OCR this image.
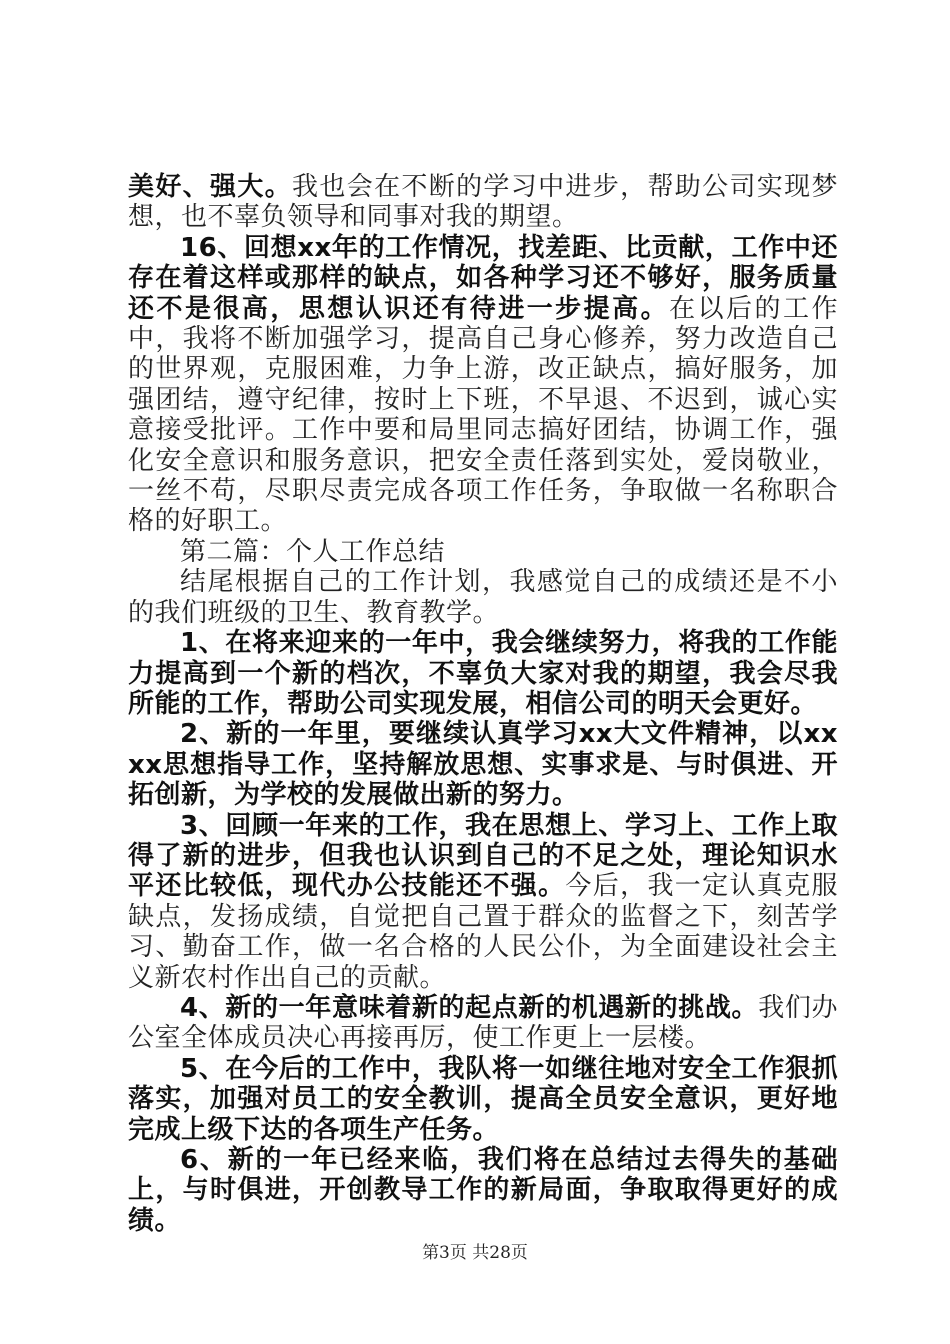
美好、强大。我也会在不断的学习中进步，帮助公司实现梦想，也不辜负领导和同事对我的期望。

16、回想xx年的工作情况，找差距、比贡献，工作中还存在着这样或那样的缺点，如各种学习还不够好，服务质量还不是很高，思想认识还有待进一步提高。在以后的工作中，我将不断加强学习，提高自己身心修养，努力改造自己的世界观，克服困难，力争上游，改正缺点，搞好服务，加强团结，遵守纪律，按时上下班，不早退、不迟到，诚心实意接受批评。工作中要和局里同志搞好团结，协调工作，强化安全意识和服务意识，把安全责任落到实处，爱岗敬业，一丝不苟，尽职尽责完成各项工作任务，争取做一名称职合格的好职工。

第二篇：个人工作总结

结尾根据自己的工作计划，我感觉自己的成绩还是不小的我们班级的卫生、教育教学。

1、在将来迎来的一年中，我会继续努力，将我的工作能力提高到一个新的档次，不辜负大家对我的期望，我会尽我所能的工作，帮助公司实现发展，相信公司的明天会更好。

2、新的一年里，要继续认真学习xx大文件精神，以xxxx思想指导工作，坚持解放思想、实事求是、与时俱进、开拓创新，为学校的发展做出新的努力。

3、回顾一年来的工作，我在思想上、学习上、工作上取得了新的进步，但我也认识到自己的不足之处，理论知识水平还比较低，现代办公技能还不强。今后，我一定认真克服缺点，发扬成绩，自觉把自己置于群众的监督之下，刻苦学习、勤奋工作，做一名合格的人民公仆，为全面建设社会主义新农村作出自己的贡献。

4、新的一年意味着新的起点新的机遇新的挑战。我们办公室全体成员决心再接再厉，使工作更上一层楼。

5、在今后的工作中，我队将一如继往地对安全工作狠抓落实，加强对员工的安全教训，提高全员安全意识，更好地完成上级下达的各项生产任务。

6、新的一年已经来临，我们将在总结过去得失的基础上，与时俱进，开创教导工作的新局面，争取取得更好的成绩。

第3页 共28页
